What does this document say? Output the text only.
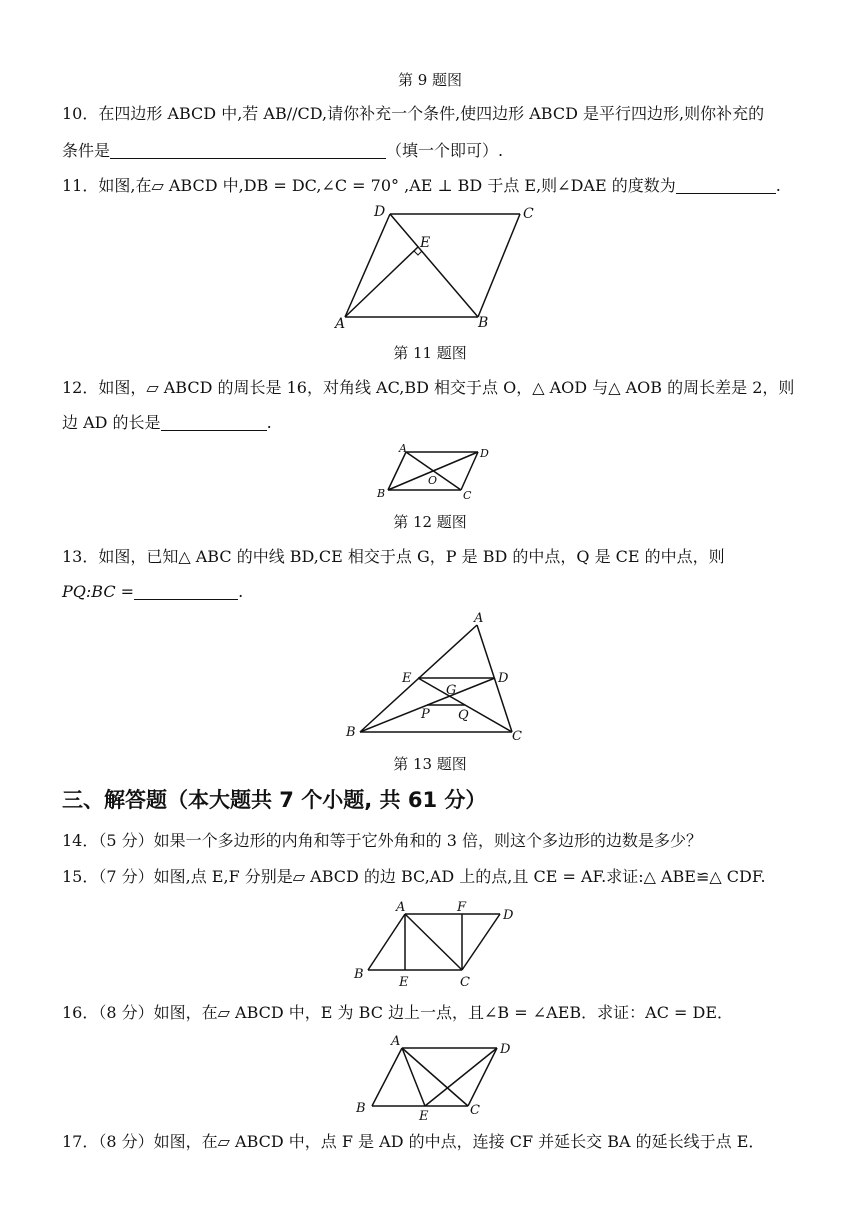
第 9 题图
10．在四边形 ABCD 中,若 AB//CD,请你补充一个条件,使四边形 ABCD 是平行四边形,则你补充的
条件是	（填一个即可）.
11．如图,在▱ ABCD 中,DB = DC,∠C = 70° ,AE ⊥ BD 于点 E,则∠DAE 的度数为	.
D	C
A	B
E
第 11 题图
12．如图，▱ ABCD 的周长是 16，对角线 AC,BD 相交于点 O，△ AOD 与△ AOB 的周长差是 2，则
边 AD 的长是	.
A	D
B	C
O
第 12 题图
13．如图，已知△ ABC 的中线 BD,CE 相交于点 G，P 是 BD 的中点，Q 是 CE 的中点，则
PQ:BC =	.
A
E	D
G
P Q
B	C
第 13 题图
三、解答题（本大题共 7 个小题, 共 61 分）
14．（5 分）如果一个多边形的内角和等于它外角和的 3 倍，则这个多边形的边数是多少？
15．（7 分）如图,点 E,F 分别是▱ ABCD 的边 BC,AD 上的点,且 CE = AF.求证:△ ABE≌△ CDF.
A	F
D
B
E	C
16．（8 分）如图，在▱ ABCD 中，E 为 BC 边上一点，且∠B = ∠AEB．求证：AC = DE．
A
D
B
E	C
17．（8 分）如图，在▱ ABCD 中，点 F 是 AD 的中点，连接 CF 并延长交 BA 的延长线于点 E．
